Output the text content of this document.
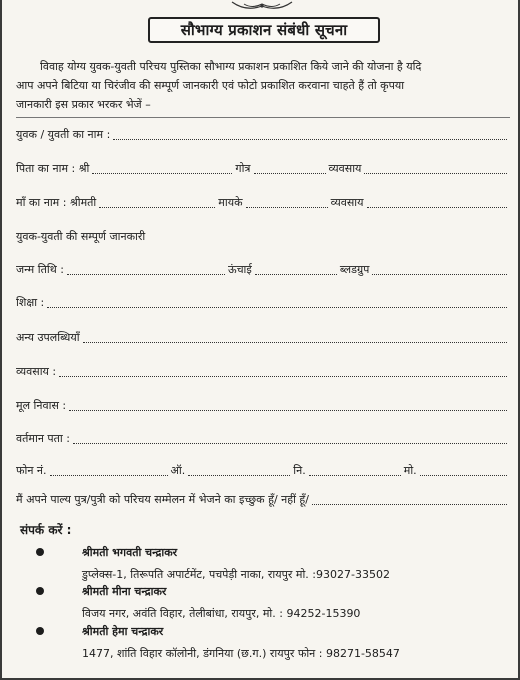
सौभाग्य प्रकाशन संबंधी सूचना
विवाह योग्य युवक-युवती परिचय पुस्तिका सौभाग्य प्रकाशन प्रकाशित किये जाने की योजना है यदि
आप अपने बिटिया या चिरंजीव की सम्पूर्ण जानकारी एवं फोटो प्रकाशित करवाना चाहते हैं तो कृपया
जानकारी इस प्रकार भरकर भेजें –
युवक / युवती का नाम :
पिता का नाम : श्री	गोत्र	व्यवसाय
माँ का नाम : श्रीमती	मायके	व्यवसाय
युवक-युवती की सम्पूर्ण जानकारी
जन्म तिथि :	ऊंचाई	ब्लडग्रुप
शिक्षा :
अन्य उपलब्धियाँ
व्यवसाय :
मूल निवास :
वर्तमान पता :
फोन नं.	ऑ.	नि.	मो.
मैं अपने पाल्य पुत्र/पुत्री को परिचय सम्मेलन में भेजने का इच्छुक हूँ/ नहीं हूँ/
संपर्क करें :
श्रीमती भगवती चन्द्राकर
डुप्लेक्स-1, तिरूपति अपार्टमेंट, पचपेड़ी नाका, रायपुर मो. :93027-33502
श्रीमती मीना चन्द्राकर
विजय नगर, अवंति विहार, तेलीबांधा, रायपुर, मो. : 94252-15390
श्रीमती हेमा चन्द्राकर
1477, शांति विहार कॉलोनी, डंगनिया (छ.ग.) रायपुर फोन : 98271-58547
